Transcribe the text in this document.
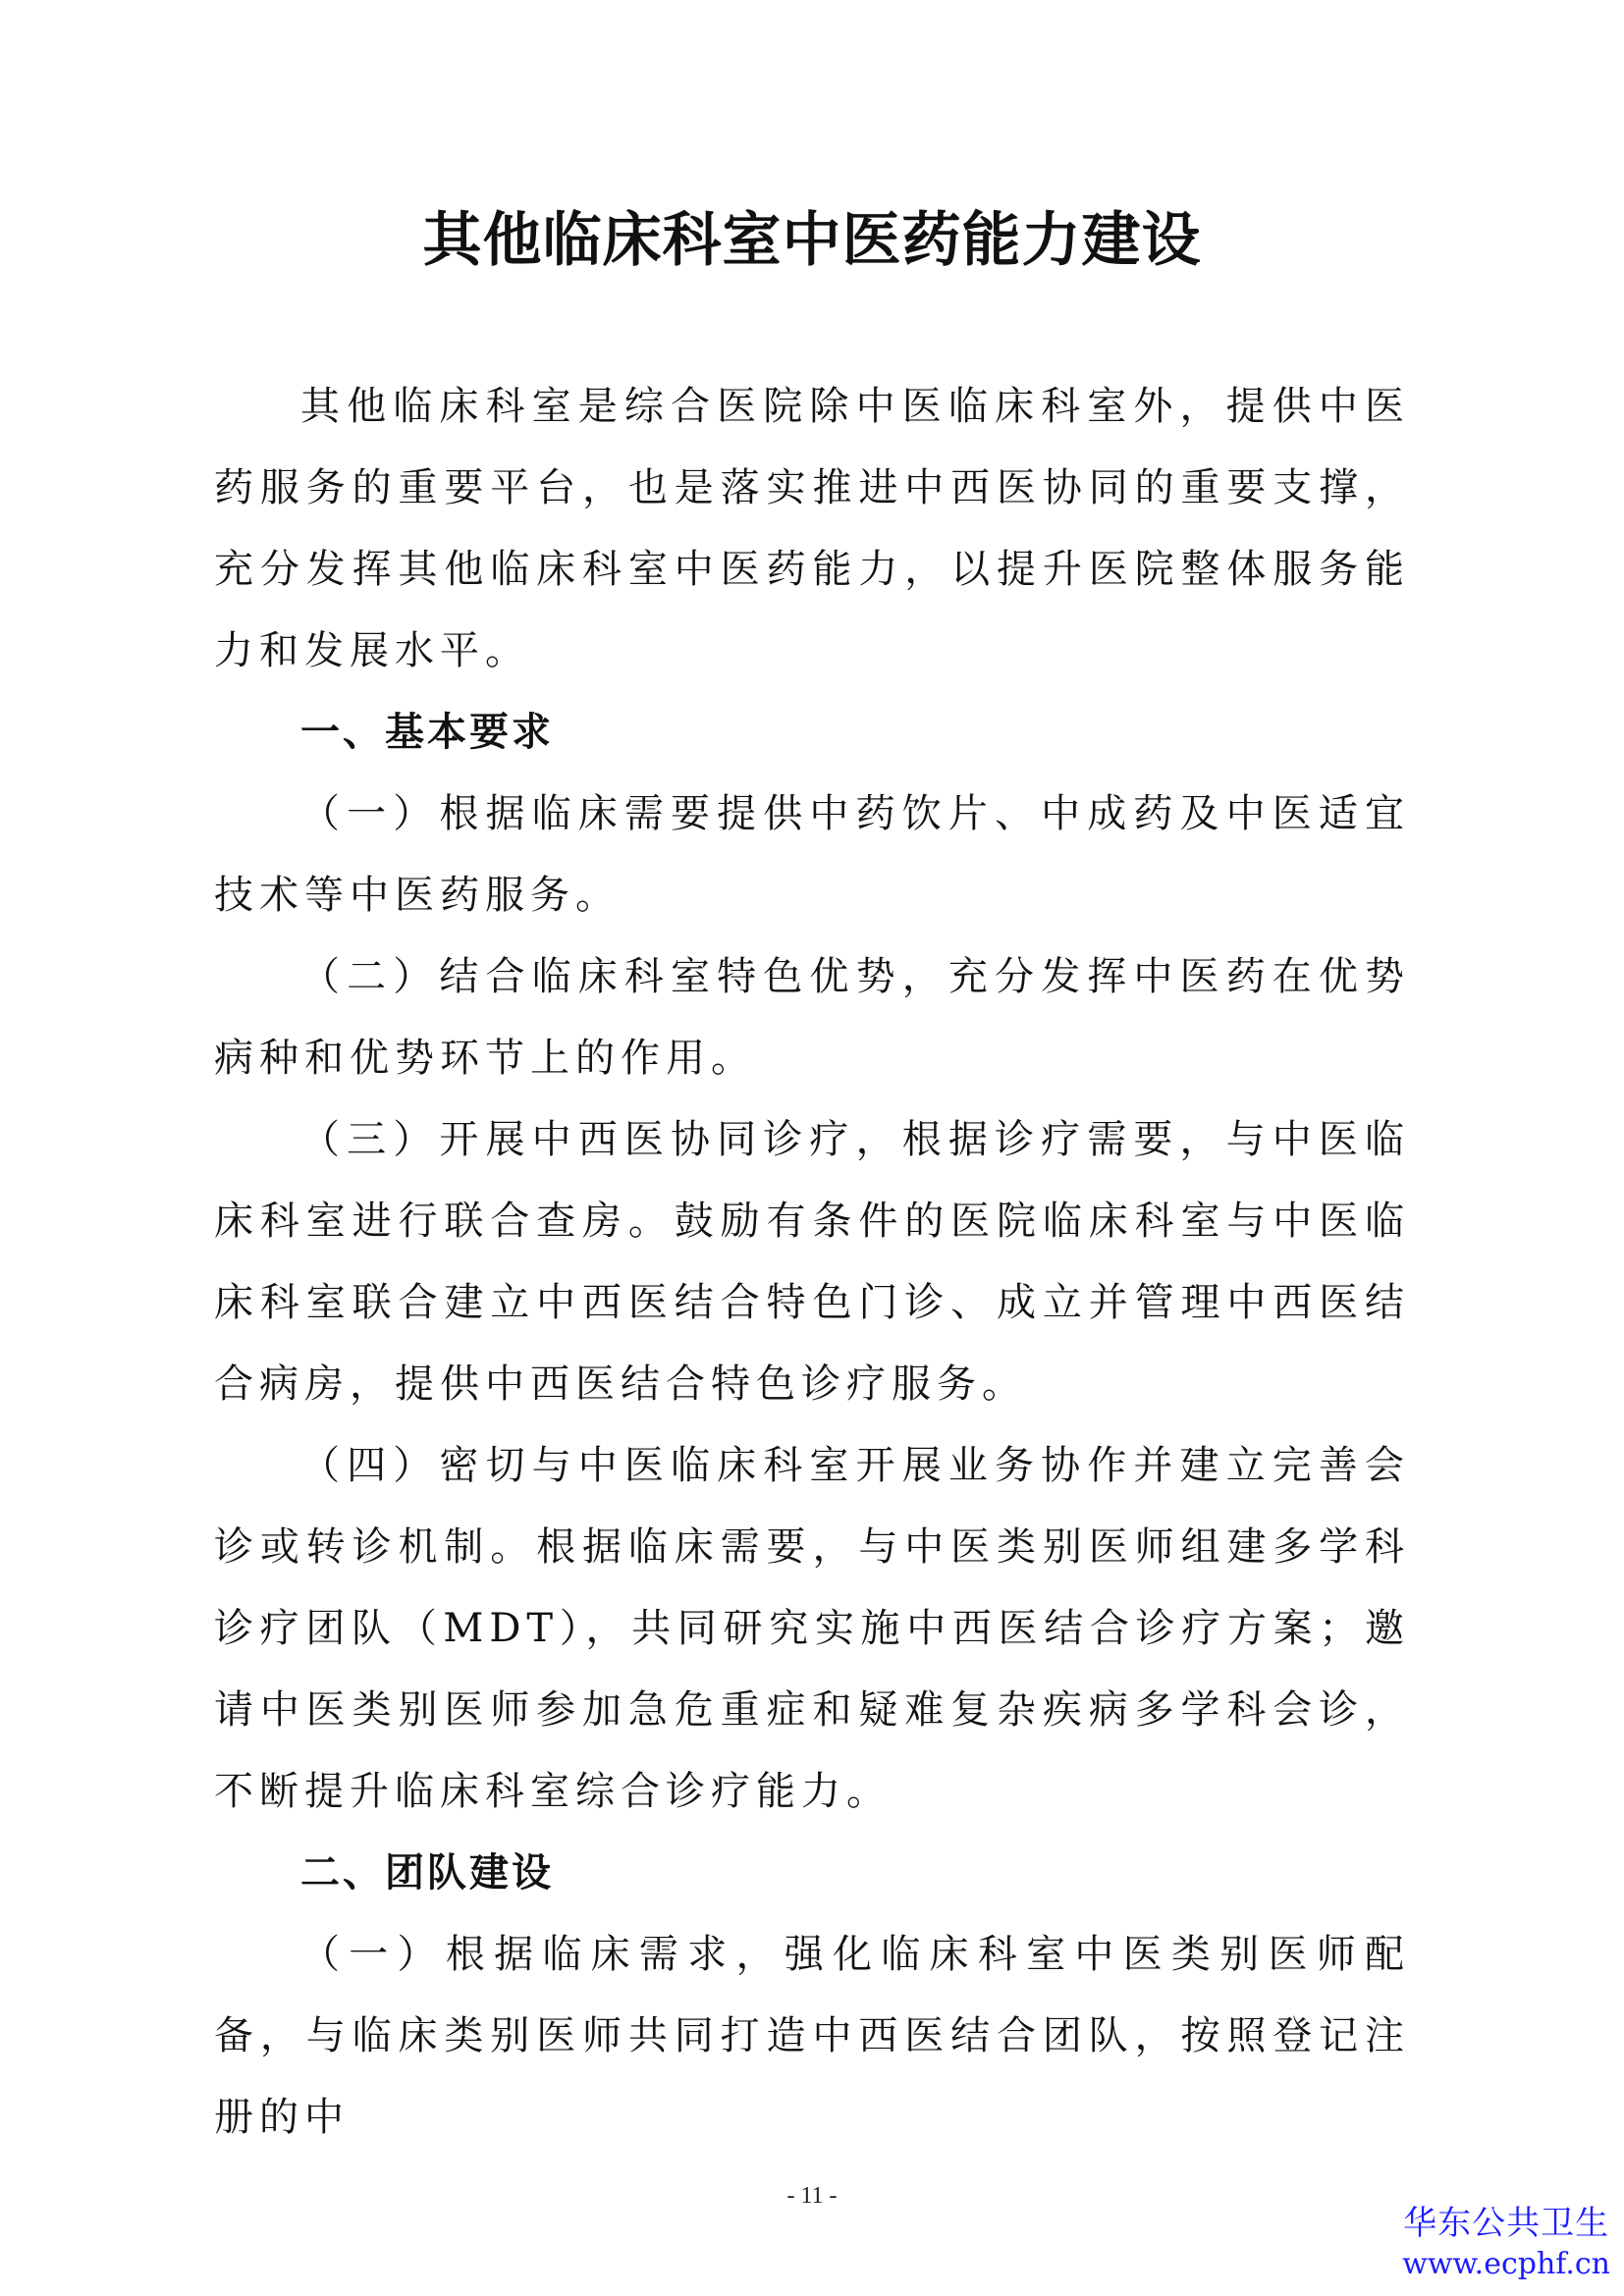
其他临床科室中医药能力建设

其他临床科室是综合医院除中医临床科室外，提供中医药服务的重要平台，也是落实推进中西医协同的重要支撑，充分发挥其他临床科室中医药能力，以提升医院整体服务能力和发展水平。

一、基本要求

（一）根据临床需要提供中药饮片、中成药及中医适宜技术等中医药服务。

（二）结合临床科室特色优势，充分发挥中医药在优势病种和优势环节上的作用。

（三）开展中西医协同诊疗，根据诊疗需要，与中医临床科室进行联合查房。鼓励有条件的医院临床科室与中医临床科室联合建立中西医结合特色门诊、成立并管理中西医结合病房，提供中西医结合特色诊疗服务。

（四）密切与中医临床科室开展业务协作并建立完善会诊或转诊机制。根据临床需要，与中医类别医师组建多学科诊疗团队（MDT），共同研究实施中西医结合诊疗方案；邀请中医类别医师参加急危重症和疑难复杂疾病多学科会诊，不断提升临床科室综合诊疗能力。

二、团队建设

（一）根据临床需求，强化临床科室中医类别医师配备，与临床类别医师共同打造中西医结合团队，按照登记注册的中

- 11 -
华东公共卫生
www.ecphf.cn
